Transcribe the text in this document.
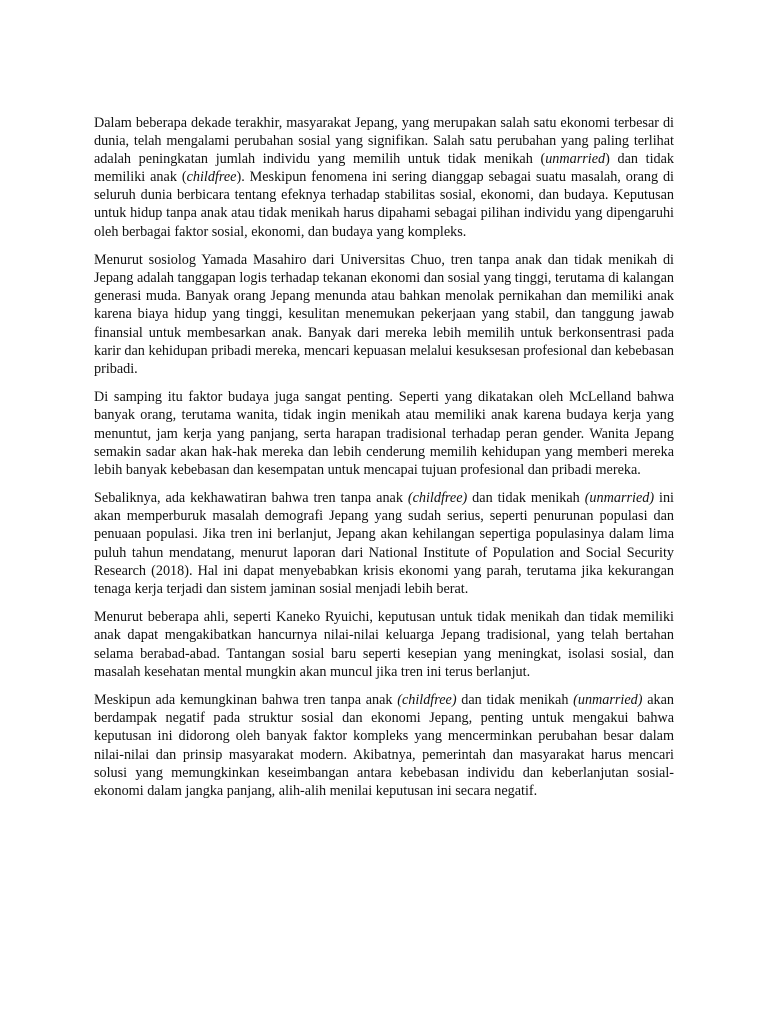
Dalam beberapa dekade terakhir, masyarakat Jepang, yang merupakan salah satu ekonomi terbesar di dunia, telah mengalami perubahan sosial yang signifikan. Salah satu perubahan yang paling terlihat adalah peningkatan jumlah individu yang memilih untuk tidak menikah (unmarried) dan tidak memiliki anak (childfree). Meskipun fenomena ini sering dianggap sebagai suatu masalah, orang di seluruh dunia berbicara tentang efeknya terhadap stabilitas sosial, ekonomi, dan budaya. Keputusan untuk hidup tanpa anak atau tidak menikah harus dipahami sebagai pilihan individu yang dipengaruhi oleh berbagai faktor sosial, ekonomi, dan budaya yang kompleks.

Menurut sosiolog Yamada Masahiro dari Universitas Chuo, tren tanpa anak dan tidak menikah di Jepang adalah tanggapan logis terhadap tekanan ekonomi dan sosial yang tinggi, terutama di kalangan generasi muda. Banyak orang Jepang menunda atau bahkan menolak pernikahan dan memiliki anak karena biaya hidup yang tinggi, kesulitan menemukan pekerjaan yang stabil, dan tanggung jawab finansial untuk membesarkan anak. Banyak dari mereka lebih memilih untuk berkonsentrasi pada karir dan kehidupan pribadi mereka, mencari kepuasan melalui kesuksesan profesional dan kebebasan pribadi.

Di samping itu faktor budaya juga sangat penting. Seperti yang dikatakan oleh McLelland bahwa banyak orang, terutama wanita, tidak ingin menikah atau memiliki anak karena budaya kerja yang menuntut, jam kerja yang panjang, serta harapan tradisional terhadap peran gender. Wanita Jepang semakin sadar akan hak-hak mereka dan lebih cenderung memilih kehidupan yang memberi mereka lebih banyak kebebasan dan kesempatan untuk mencapai tujuan profesional dan pribadi mereka.

Sebaliknya, ada kekhawatiran bahwa tren tanpa anak (childfree) dan tidak menikah (unmarried) ini akan memperburuk masalah demografi Jepang yang sudah serius, seperti penurunan populasi dan penuaan populasi. Jika tren ini berlanjut, Jepang akan kehilangan sepertiga populasinya dalam lima puluh tahun mendatang, menurut laporan dari National Institute of Population and Social Security Research (2018). Hal ini dapat menyebabkan krisis ekonomi yang parah, terutama jika kekurangan tenaga kerja terjadi dan sistem jaminan sosial menjadi lebih berat.

Menurut beberapa ahli, seperti Kaneko Ryuichi, keputusan untuk tidak menikah dan tidak memiliki anak dapat mengakibatkan hancurnya nilai-nilai keluarga Jepang tradisional, yang telah bertahan selama berabad-abad. Tantangan sosial baru seperti kesepian yang meningkat, isolasi sosial, dan masalah kesehatan mental mungkin akan muncul jika tren ini terus berlanjut.

Meskipun ada kemungkinan bahwa tren tanpa anak (childfree) dan tidak menikah (unmarried) akan berdampak negatif pada struktur sosial dan ekonomi Jepang, penting untuk mengakui bahwa keputusan ini didorong oleh banyak faktor kompleks yang mencerminkan perubahan besar dalam nilai-nilai dan prinsip masyarakat modern. Akibatnya, pemerintah dan masyarakat harus mencari solusi yang memungkinkan keseimbangan antara kebebasan individu dan keberlanjutan sosial-ekonomi dalam jangka panjang, alih-alih menilai keputusan ini secara negatif.
